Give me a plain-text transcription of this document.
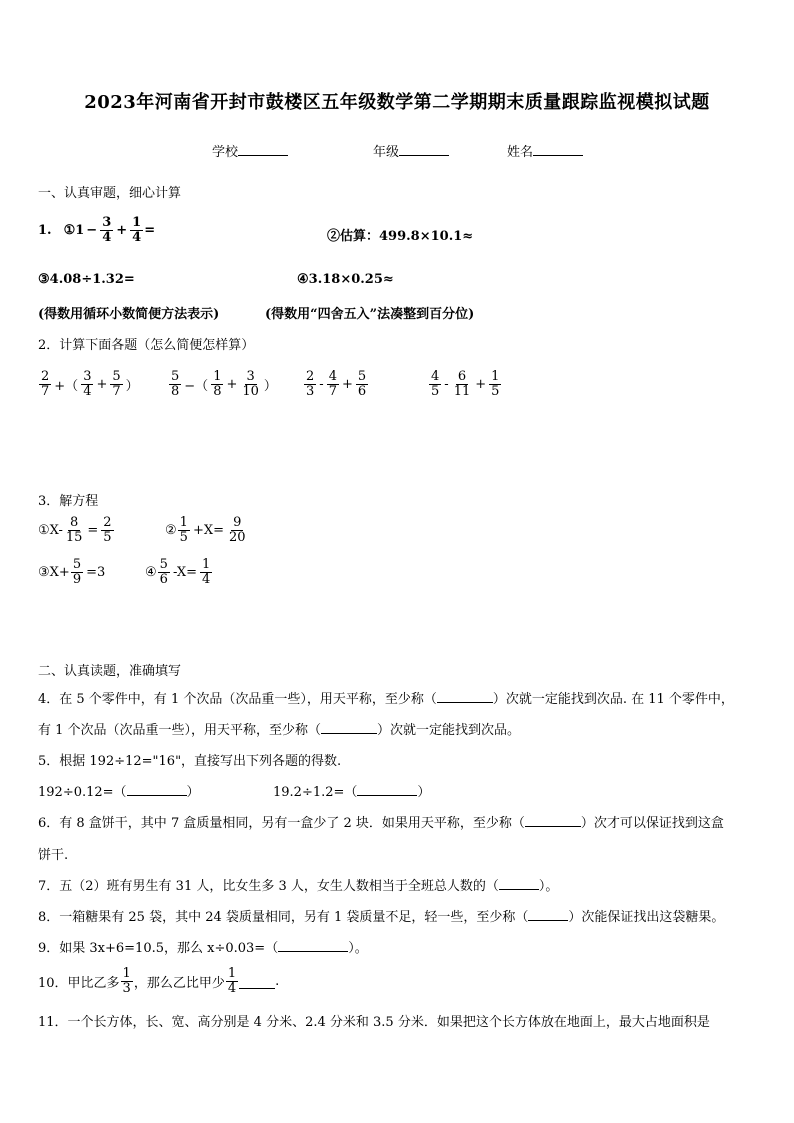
2023年河南省开封市鼓楼区五年级数学第二学期期末质量跟踪监视模拟试题
学校	年级	姓名
一、认真审题，细心计算
1. ①1 − $\frac{3}{4} + \frac{1}{4}$ =	②估算：499.8×10.1≈
③4.08÷1.32=	④3.18×0.25≈
(得数用循环小数简便方法表示)	(得数用“四舍五入”法凑整到百分位)
2．计算下面各题（怎么简便怎样算）
$\frac{2}{7}$ +（ $\frac{3}{4} + \frac{5}{7}$ ） $\frac{5}{8}$ −（ $\frac{1}{8} + \frac{3}{10}$ ） $\frac{2}{3} - \frac{4}{7} + \frac{5}{6}$	$\frac{4}{5} - \frac{6}{11} + \frac{1}{5}$
3．解方程
①X- $\frac{8}{15} = \frac{2}{5}$	② $\frac{1}{5} +X= \frac{9}{20}$
③X+ $\frac{5}{9} =3$	④ $\frac{5}{6} -X= \frac{1}{4}$
二、认真读题，准确填写
4．在 5 个零件中，有 1 个次品（次品重一些），用天平称，至少称（	）次就一定能找到次品. 在 11 个零件中，
有 1 个次品（次品重一些），用天平称，至少称（	）次就一定能找到次品。
5．根据 192÷12="16"，直接写出下列各题的得数.
192÷0.12=（	）	19.2÷1.2=（	）
6．有 8 盒饼干，其中 7 盒质量相同，另有一盒少了 2 块．如果用天平称，至少称（	）次才可以保证找到这盒
饼干.
7．五（2）班有男生有 31 人，比女生多 3 人，女生人数相当于全班总人数的（	）。
8．一箱糖果有 25 袋，其中 24 袋质量相同，另有 1 袋质量不足，轻一些，至少称（	）次能保证找出这袋糖果。
9．如果 3x+6=10.5，那么 x÷0.03=（	）。
10．甲比乙多 $\frac{1}{3}$ ，那么乙比甲少 $\frac{1}{4}$	.
11．一个长方体，长、宽、高分别是 4 分米、2.4 分米和 3.5 分米．如果把这个长方体放在地面上，最大占地面积是
